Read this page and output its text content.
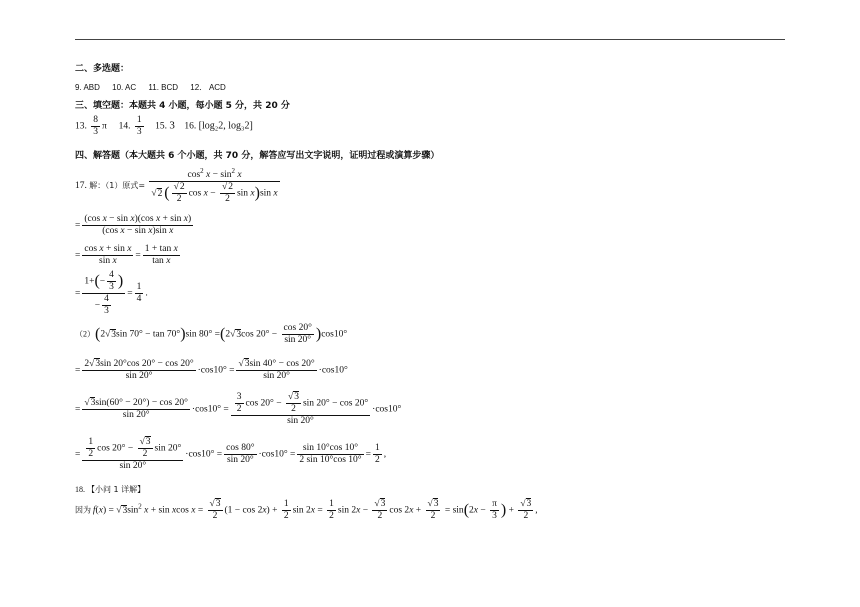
二、多选题：
9. ABD 10. AC 11. BCD 12． ACD
三、填空题：本题共 4 小题，每小题 5 分，共 20 分
13. $\frac{8}{3}$ π 14. $\frac{1}{3} 15$. 3 16. [log₂2, log₃2]
四、解答题（本大题共 6 个小题，共 70 分，解答应写出文字说明，证明过程或演算步骤）
17. 解：（1）原式= $\frac{\cos^2 x - \sin^2 x}{√2 ( \frac{√2}{2} \cos x - \frac{√2}{2} \sin x)\sin x}$
= $\frac{\text{(cos x − sin x)(cos x + sin x)}}{\text{(cos x − sin x)sin x}}$
= $\frac{\text{cos x + sin x}}{\text{sin x}} = \frac{\text{1 + tan x}}{\text{tan x}}$
= $\frac{1+(- \frac{4}{3} )}{- \frac{4}{3}} = \frac{1}{4}$ .
（2）(2√3sin 70° − tan 70°)sin 80° =(2√3cos $20^\circ - \frac{\cos 20^\circ}{\sin 20^\circ} )\cos 10^\circ$
= $\frac{2√3\sin 20^\circ\cos 20^\circ - \cos 20^\circ}{\sin 20^\circ} \cdot\cos 10^\circ = \frac{√3\sin 40^\circ - \cos 20^\circ}{\sin 20^\circ} \cdot\cos 10^\circ$
= $\frac{√3\sin(60^\circ - 20^\circ) - \cos 20^\circ}{\sin 20^\circ} \cdot\cos 10^\circ = \frac{\frac{3}{2} \cos 20^\circ - \frac{√3}{2} \sin 20^\circ - \cos 20^\circ}{\sin 20^\circ} \cdot\cos 10^\circ$
= $\frac{\frac{1}{2} \cos 20^\circ - \frac{√3}{2} \sin 20^\circ}{\sin 20^\circ} \cdot\cos 10^\circ = \frac{\cos 80^\circ}{\sin 20^\circ} \cdot\cos 10^\circ = \frac{\sin 10^\circ\cos 10^\circ}{2 \sin 10^\circ\cos 10^\circ} = \frac{1}{2}$ ,
18. 【小问 1 详解】
因为  $f(x) = √3\sin^2$ x + sin xcos $x = \frac{√3}{2} (1 - \cos 2x) + \frac{1}{2}$ $\sin 2x = \frac{1}{2}$ $\sin 2x - \frac{√3}{2}$ $\cos 2x + \frac{√3}{2} = \sin(2x - \frac{\pi}{3}$ ) + $\frac{√3}{2}$ ,
